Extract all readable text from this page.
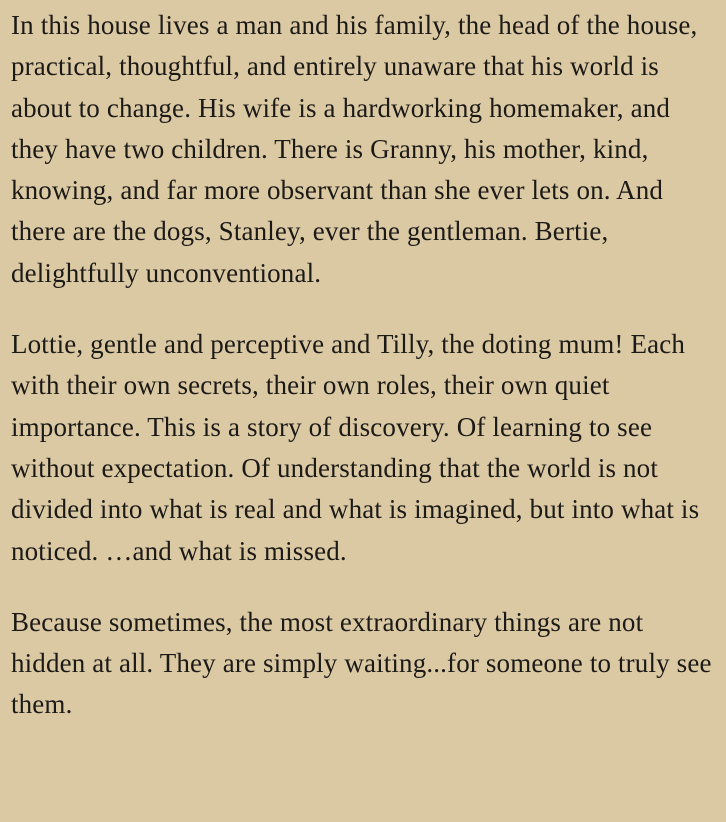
In this house lives a man and his family, the head of the house, practical, thoughtful, and entirely unaware that his world is about to change. His wife is a hardworking homemaker, and they have two children. There is Granny, his mother, kind, knowing, and far more observant than she ever lets on. And there are the dogs, Stanley, ever the gentleman. Bertie, delightfully unconventional.

Lottie, gentle and perceptive and Tilly, the doting mum! Each with their own secrets, their own roles, their own quiet importance. This is a story of discovery. Of learning to see without expectation. Of understanding that the world is not divided into what is real and what is imagined, but into what is noticed. …and what is missed.

Because sometimes, the most extraordinary things are not hidden at all. They are simply waiting...for someone to truly see them.
